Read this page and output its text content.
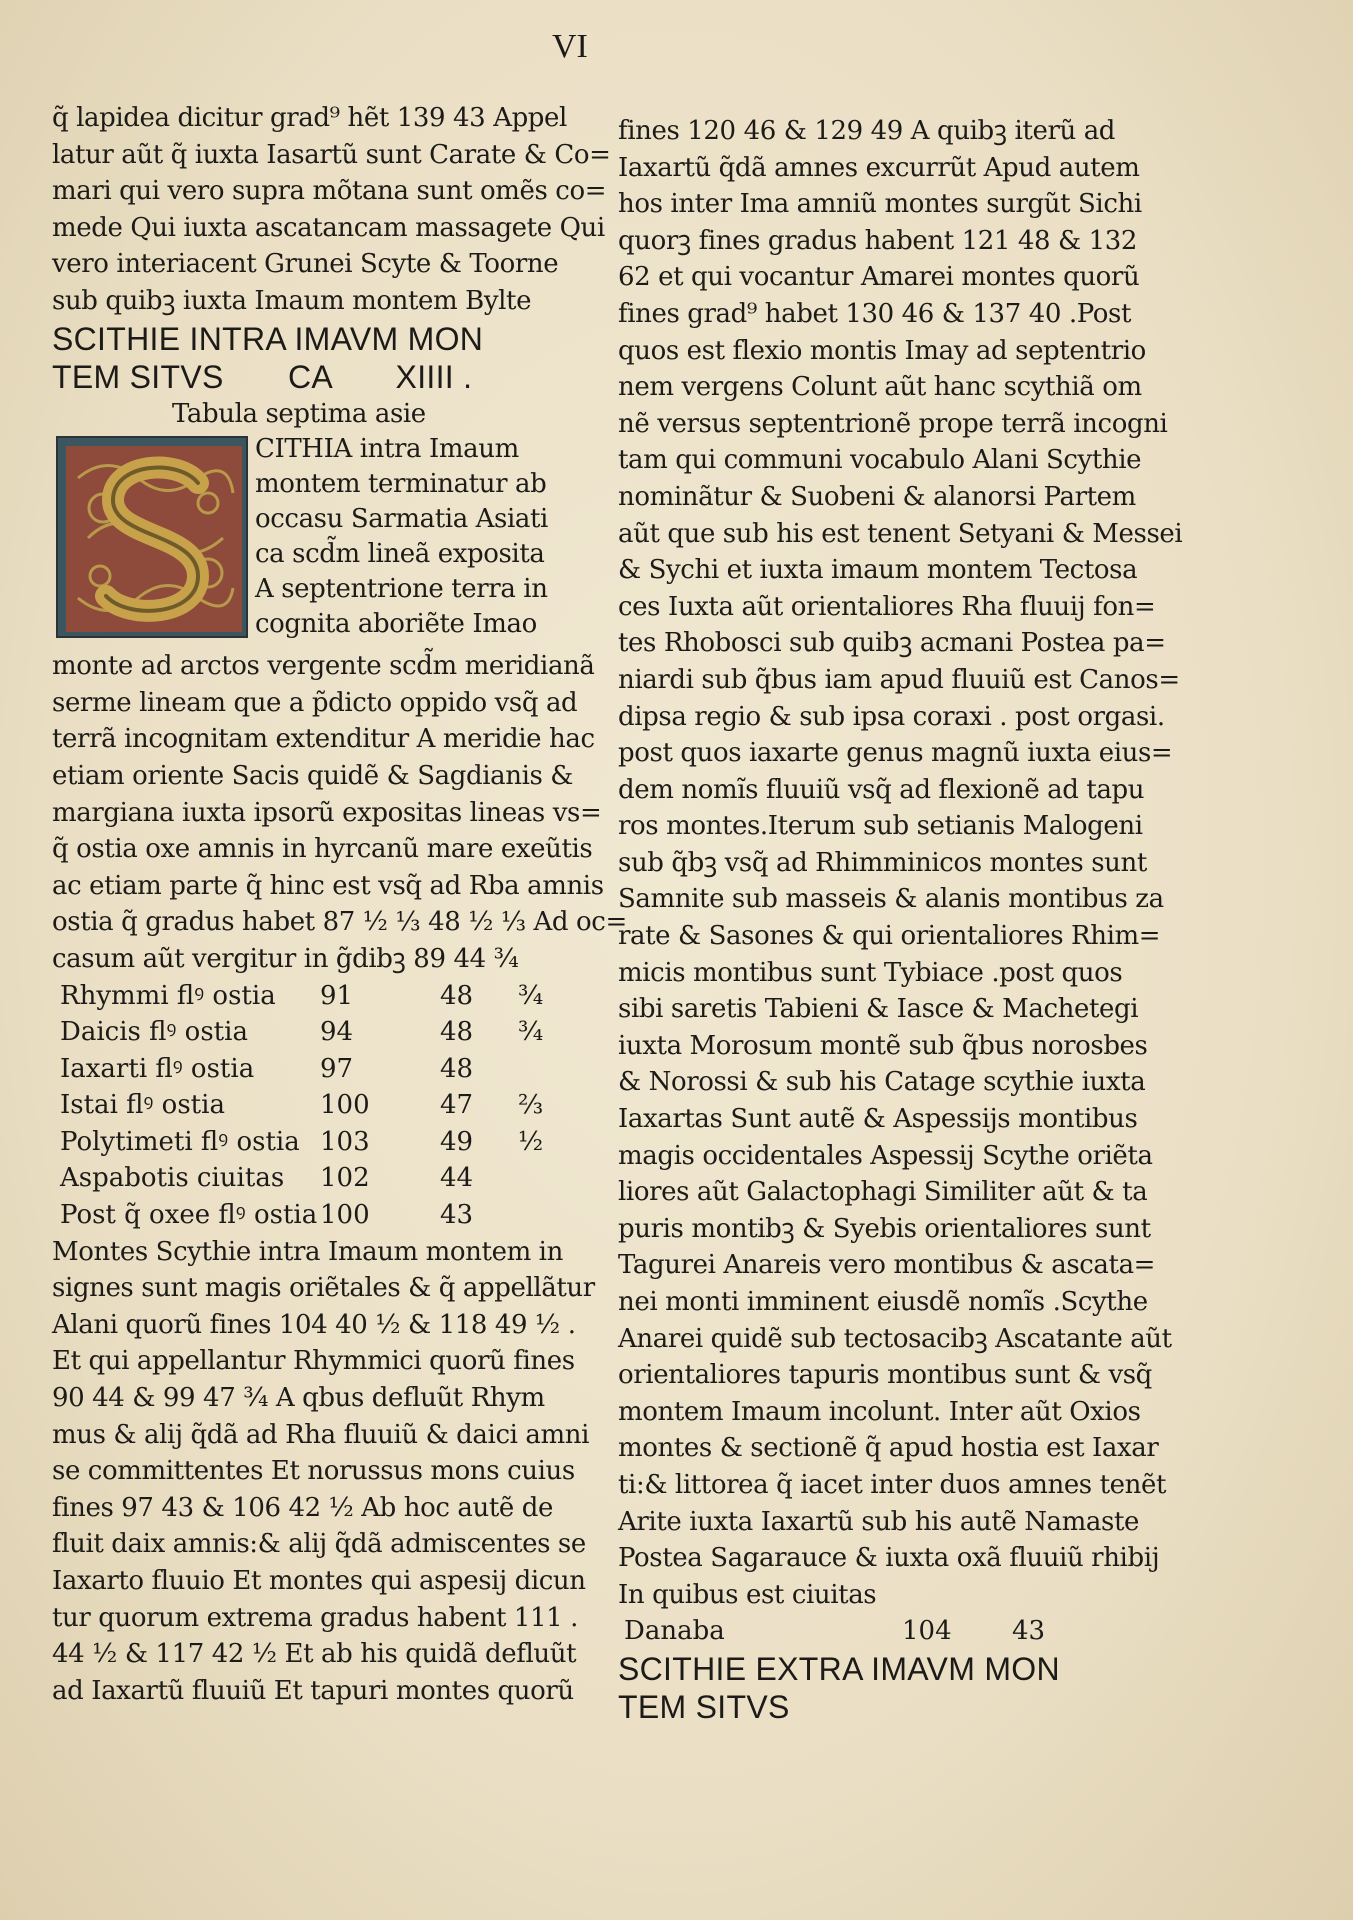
VI
q̃ lapidea dicitur grad⁹ hẽt 139 43 Appel
latur aũt q̃ iuxta Iasartũ sunt Carate & Co=
mari qui vero supra mõtana sunt omẽs co=
mede Qui iuxta ascatancam massagete Qui
vero interiacent Grunei Scyte & Toorne
sub quibꝫ iuxta Imaum montem Bylte
SCITHIE INTRA IMAVM MON
TEM SITVS       CA       XIIII .
Tabula septima asie
CITHIA intra Imaum
montem terminatur ab
occasu Sarmatia Asiati
ca scd̃m lineã exposita
A septentrione terra in
cognita aboriẽte Imao
monte ad arctos vergente scd̃m meridianã
serme lineam que a p̃dicto oppido vsq̃ ad
terrã incognitam extenditur A meridie hac
etiam oriente Sacis quidẽ & Sagdianis &
margiana iuxta ipsorũ expositas lineas vs=
q̃ ostia oxe amnis in hyrcanũ mare exeũtis
ac etiam parte q̃ hinc est vsq̃ ad Rba amnis
ostia q̃ gradus habet 87 ½ ⅓ 48 ½ ⅓ Ad oc=
casum aũt vergitur in g̃dibꝫ 89 44 ¾
Rhymmi flꝰ ostia 91	48 ¾
Daicis flꝰ ostia	94	48 ¾
Iaxarti flꝰ ostia	97	48
Istai flꝰ ostia	100	47 ⅔
Polytimeti flꝰ ostia 103	49 ½
Aspabotis ciuitas 102	44
Post q̃ oxee flꝰ ostia 100	43
Montes Scythie intra Imaum montem in
signes sunt magis oriẽtales & q̃ appellãtur
Alani quorũ fines 104 40 ½ & 118 49 ½ .
Et qui appellantur Rhymmici quorũ fines
90 44 & 99 47 ¾ A qbus defluũt Rhym
mus & alij q̃dã ad Rha fluuiũ & daici amni
se committentes Et norussus mons cuius
fines 97 43 & 106 42 ½ Ab hoc autẽ de
fluit daix amnis:& alij q̃dã admiscentes se
Iaxarto fluuio Et montes qui aspesij dicun
tur quorum extrema gradus habent 111 .
44 ½ & 117 42 ½ Et ab his quidã defluũt
ad Iaxartũ fluuiũ Et tapuri montes quorũ
fines 120 46 & 129 49 A quibꝫ iterũ ad
Iaxartũ q̃dã amnes excurrũt Apud autem
hos inter Ima amniũ montes surgũt Sichi
quorꝫ fines gradus habent 121 48 & 132
62 et qui vocantur Amarei montes quorũ
fines grad⁹ habet 130 46 & 137 40 .Post
quos est flexio montis Imay ad septentrio
nem vergens Colunt aũt hanc scythiã om
nẽ versus septentrionẽ prope terrã incogni
tam qui communi vocabulo Alani Scythie
nominãtur & Suobeni & alanorsi Partem
aũt que sub his est tenent Setyani & Messei
& Sychi et iuxta imaum montem Tectosa
ces Iuxta aũt orientaliores Rha fluuij fon=
tes Rhobosci sub quibꝫ acmani Postea pa=
niardi sub q̃bus iam apud fluuiũ est Canos=
dipsa regio & sub ipsa coraxi . post orgasi.
post quos iaxarte genus magnũ iuxta eius=
dem nomĩs fluuiũ vsq̃ ad flexionẽ ad tapu
ros montes.Iterum sub setianis Malogeni
sub q̃bꝫ vsq̃ ad Rhimminicos montes sunt
Samnite sub masseis & alanis montibus za
rate & Sasones & qui orientaliores Rhim=
micis montibus sunt Tybiace .post quos
sibi saretis Tabieni & Iasce & Machetegi
iuxta Morosum montẽ sub q̃bus norosbes
& Norossi & sub his Catage scythie iuxta
Iaxartas Sunt autẽ & Aspessijs montibus
magis occidentales Aspessij Scythe oriẽta
liores aũt Galactophagi Similiter aũt & ta
puris montibꝫ & Syebis orientaliores sunt
Tagurei Anareis vero montibus & ascata=
nei monti imminent eiusdẽ nomĩs .Scythe
Anarei quidẽ sub tectosacibꝫ Ascatante aũt
orientaliores tapuris montibus sunt & vsq̃
montem Imaum incolunt. Inter aũt Oxios
montes & sectionẽ q̃ apud hostia est Iaxar
ti:& littorea q̃ iacet inter duos amnes tenẽt
Arite iuxta Iaxartũ sub his autẽ Namaste
Postea Sagarauce & iuxta oxã fluuiũ rhibij
In quibus est ciuitas
Danaba	104 43
SCITHIE EXTRA IMAVM MON
TEM SITVS
